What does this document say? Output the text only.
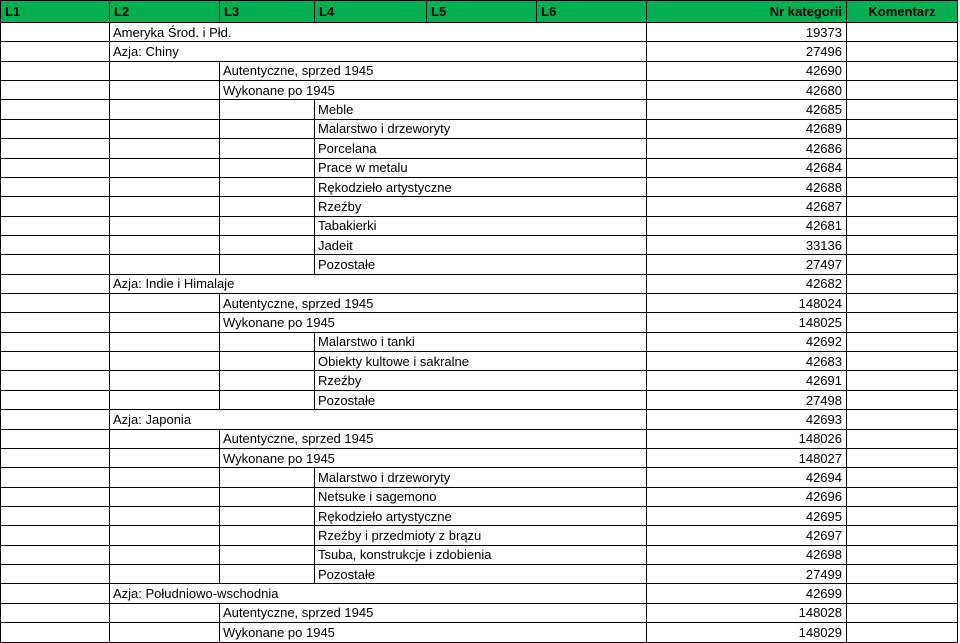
L1	L2	L3	L4	L5	L6	Nr kategorii	Komentarz
	Ameryka Środ. i Płd.					19373	
	Azja: Chiny					27496	
		Autentyczne, sprzed 1945				42690	
		Wykonane po 1945				42680	
			Meble			42685	
			Malarstwo i drzeworyty			42689	
			Porcelana			42686	
			Prace w metalu			42684	
			Rękodzieło artystyczne			42688	
			Rzeźby			42687	
			Tabakierki			42681	
			Jadeit			33136	
			Pozostałe			27497	
	Azja: Indie i Himalaje					42682	
		Autentyczne, sprzed 1945				148024	
		Wykonane po 1945				148025	
			Malarstwo i tanki			42692	
			Obiekty kultowe i sakralne			42683	
			Rzeźby			42691	
			Pozostałe			27498	
	Azja: Japonia					42693	
		Autentyczne, sprzed 1945				148026	
		Wykonane po 1945				148027	
			Malarstwo i drzeworyty			42694	
			Netsuke i sagemono			42696	
			Rękodzieło artystyczne			42695	
			Rzeźby i przedmioty z brązu			42697	
			Tsuba, konstrukcje i zdobienia			42698	
			Pozostałe			27499	
	Azja: Południowo-wschodnia					42699	
		Autentyczne, sprzed 1945				148028	
		Wykonane po 1945				148029	
